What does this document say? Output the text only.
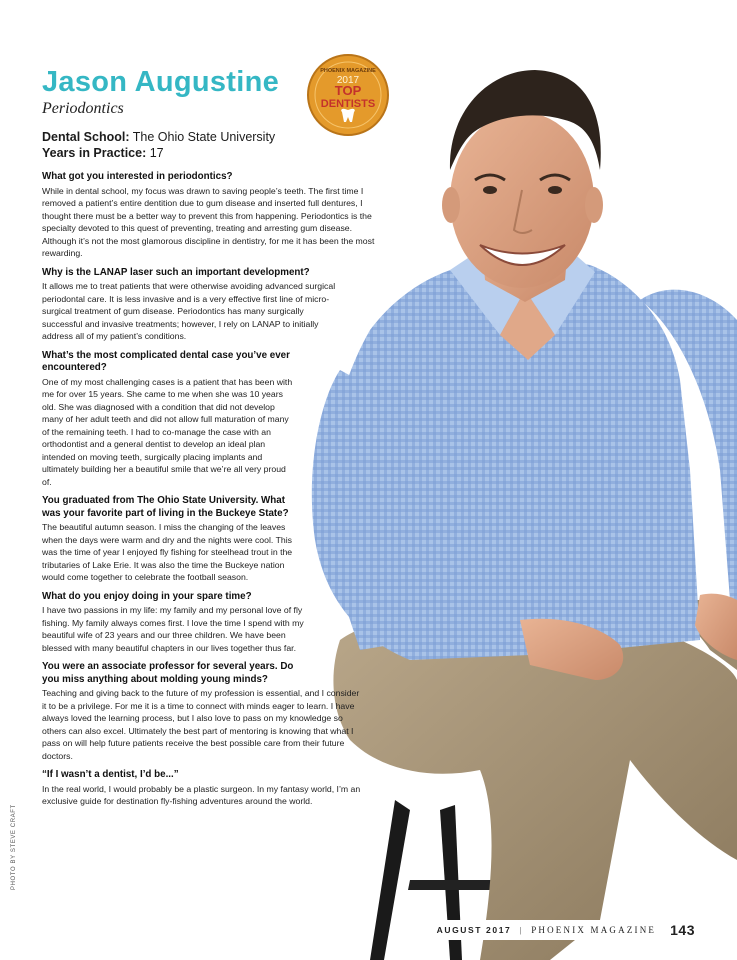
Jason Augustine

Periodontics

PHOENIX MAGAZINE
2017
TOP
DENTISTS
Dental School: The Ohio State University
Years in Practice: 17

What got you interested in periodontics?

While in dental school, my focus was drawn to saving people’s teeth. The first time I removed a patient’s entire dentition due to gum disease and inserted full dentures, I thought there must be a better way to prevent this from happening. Periodontics is the specialty devoted to this quest of preventing, treating and arresting gum disease. Although it’s not the most glamorous discipline in dentistry, for me it has been the most rewarding.

Why is the LANAP laser such an important development?

It allows me to treat patients that were otherwise avoiding advanced surgical periodontal care. It is less invasive and is a very effective first line of micro-surgical treatment of gum disease. Periodontics has many surgically successful and invasive treatments; however, I rely on LANAP to initially address all of my patient’s conditions.

What’s the most complicated dental case you’ve ever encountered?

One of my most challenging cases is a patient that has been with me for over 15 years. She came to me when she was 10 years old. She was diagnosed with a condition that did not develop many of her adult teeth and did not allow full maturation of many of the remaining teeth. I had to co-manage the case with an orthodontist and a general dentist to develop an ideal plan intended on moving teeth, surgically placing implants and ultimately building her a beautiful smile that we’re all very proud of.

You graduated from The Ohio State University. What was your favorite part of living in the Buckeye State?

The beautiful autumn season. I miss the changing of the leaves when the days were warm and dry and the nights were cool. This was the time of year I enjoyed fly fishing for steelhead trout in the tributaries of Lake Erie. It was also the time the Buckeye nation would come together to celebrate the football season.

What do you enjoy doing in your spare time?

I have two passions in my life: my family and my personal love of fly fishing. My family always comes first. I love the time I spend with my beautiful wife of 23 years and our three children. We have been blessed with many beautiful chapters in our lives together thus far.

You were an associate professor for several years. Do you miss anything about molding young minds?

Teaching and giving back to the future of my profession is essential, and I consider it to be a privilege. For me it is a time to connect with minds eager to learn. I have always loved the learning process, but I also love to pass on my knowledge so others can also excel. Ultimately the best part of mentoring is knowing that what I pass on will help future patients receive the best possible care from their future doctors.

“If I wasn’t a dentist, I’d be...”

In the real world, I would probably be a plastic surgeon. In my fantasy world, I’m an exclusive guide for destination fly-fishing adventures around the world.

PHOTO BY STEVE CRAFT
AUGUST 2017 | PHOENIX MAGAZINE 143
